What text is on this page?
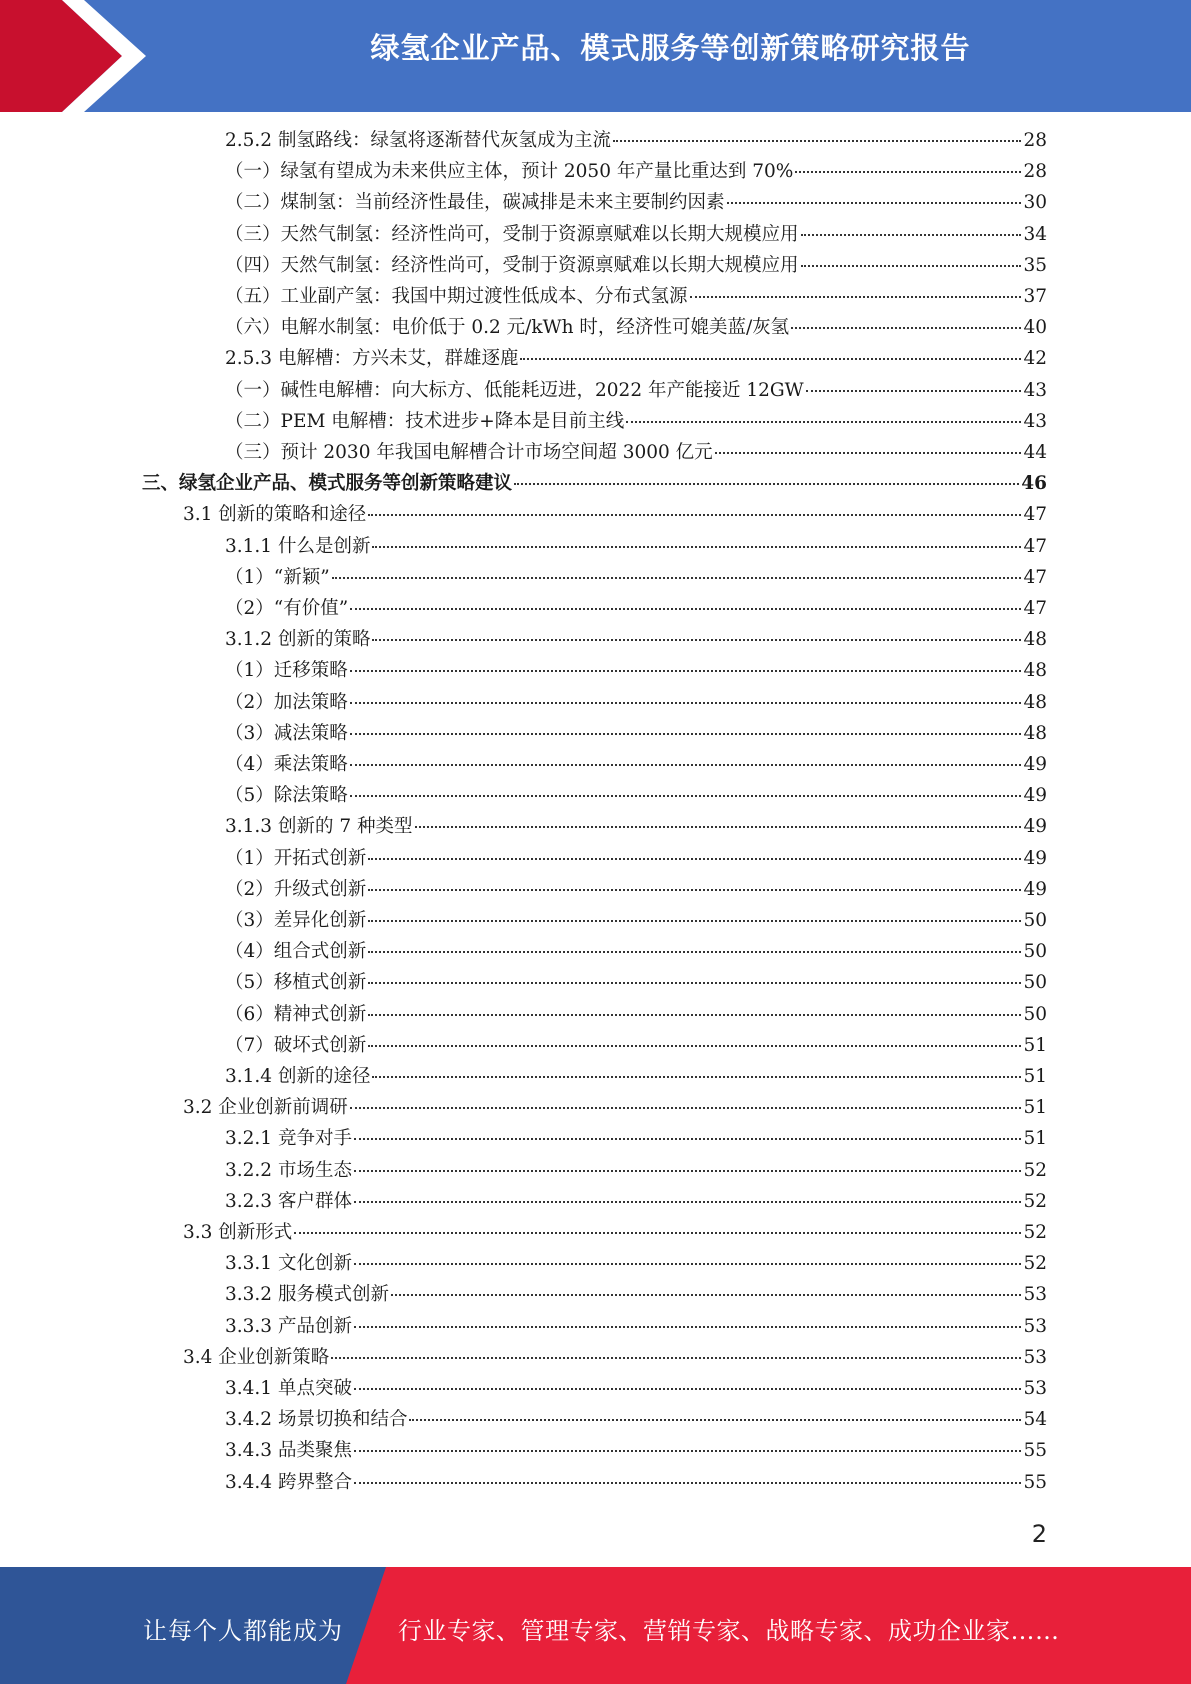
绿氢企业产品、模式服务等创新策略研究报告
2.5.2 制氢路线：绿氢将逐渐替代灰氢成为主流	28
（一）绿氢有望成为未来供应主体，预计 2050 年产量比重达到 70%	28
（二）煤制氢：当前经济性最佳，碳减排是未来主要制约因素	30
（三）天然气制氢：经济性尚可，受制于资源禀赋难以长期大规模应用	34
（四）天然气制氢：经济性尚可，受制于资源禀赋难以长期大规模应用	35
（五）工业副产氢：我国中期过渡性低成本、分布式氢源	37
（六）电解水制氢：电价低于 0.2 元/kWh 时，经济性可媲美蓝/灰氢	40
2.5.3 电解槽：方兴未艾，群雄逐鹿	42
（一）碱性电解槽：向大标方、低能耗迈进，2022 年产能接近 12GW	43
（二）PEM 电解槽：技术进步+降本是目前主线	43
（三）预计 2030 年我国电解槽合计市场空间超 3000 亿元	44
三、绿氢企业产品、模式服务等创新策略建议	46
3.1 创新的策略和途径	47
3.1.1 什么是创新	47
（1）“新颖”	47
（2）“有价值”	47
3.1.2 创新的策略	48
（1）迁移策略	48
（2）加法策略	48
（3）减法策略	48
（4）乘法策略	49
（5）除法策略	49
3.1.3 创新的 7 种类型	49
（1）开拓式创新	49
（2）升级式创新	49
（3）差异化创新	50
（4）组合式创新	50
（5）移植式创新	50
（6）精神式创新	50
（7）破坏式创新	51
3.1.4 创新的途径	51
3.2 企业创新前调研	51
3.2.1 竞争对手	51
3.2.2 市场生态	52
3.2.3 客户群体	52
3.3 创新形式	52
3.3.1 文化创新	52
3.3.2 服务模式创新	53
3.3.3 产品创新	53
3.4 企业创新策略	53
3.4.1 单点突破	53
3.4.2 场景切换和结合	54
3.4.3 品类聚焦	55
3.4.4 跨界整合	55
2
让每个人都能成为 行业专家、管理专家、营销专家、战略专家、成功企业家……
